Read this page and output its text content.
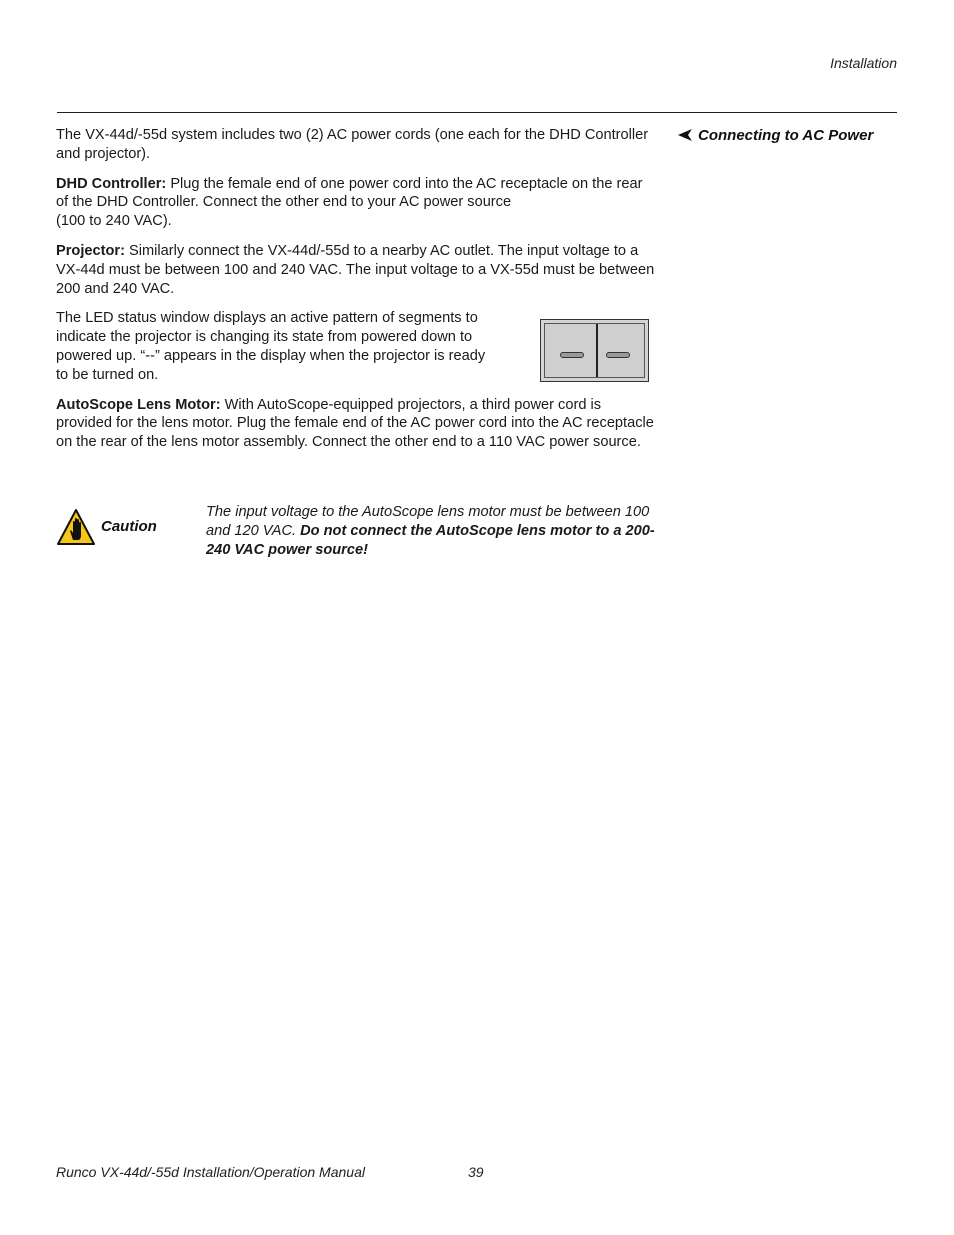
Installation
Connecting to AC Power

The VX-44d/-55d system includes two (2) AC power cords (one each for the DHD Controller and projector).

DHD Controller: Plug the female end of one power cord into the AC receptacle on the rear of the DHD Controller. Connect the other end to your AC power source
(100 to 240 VAC).

Projector: Similarly connect the VX-44d/-55d to a nearby AC outlet. The input voltage to a VX-44d must be between 100 and 240 VAC. The input voltage to a VX-55d must be between 200 and 240 VAC.

The LED status window displays an active pattern of segments to indicate the projector is changing its state from powered down to powered up. “--” appears in the display when the projector is ready to be turned on.

AutoScope Lens Motor: With AutoScope-equipped projectors, a third power cord is provided for the lens motor. Plug the female end of the AC power cord into the AC receptacle on the rear of the lens motor assembly. Connect the other end to a 110 VAC power source.

Caution
The input voltage to the AutoScope lens motor must be between 100 and 120 VAC. Do not connect the AutoScope lens motor to a 200-240 VAC power source!
Runco VX-44d/-55d Installation/Operation Manual	39
